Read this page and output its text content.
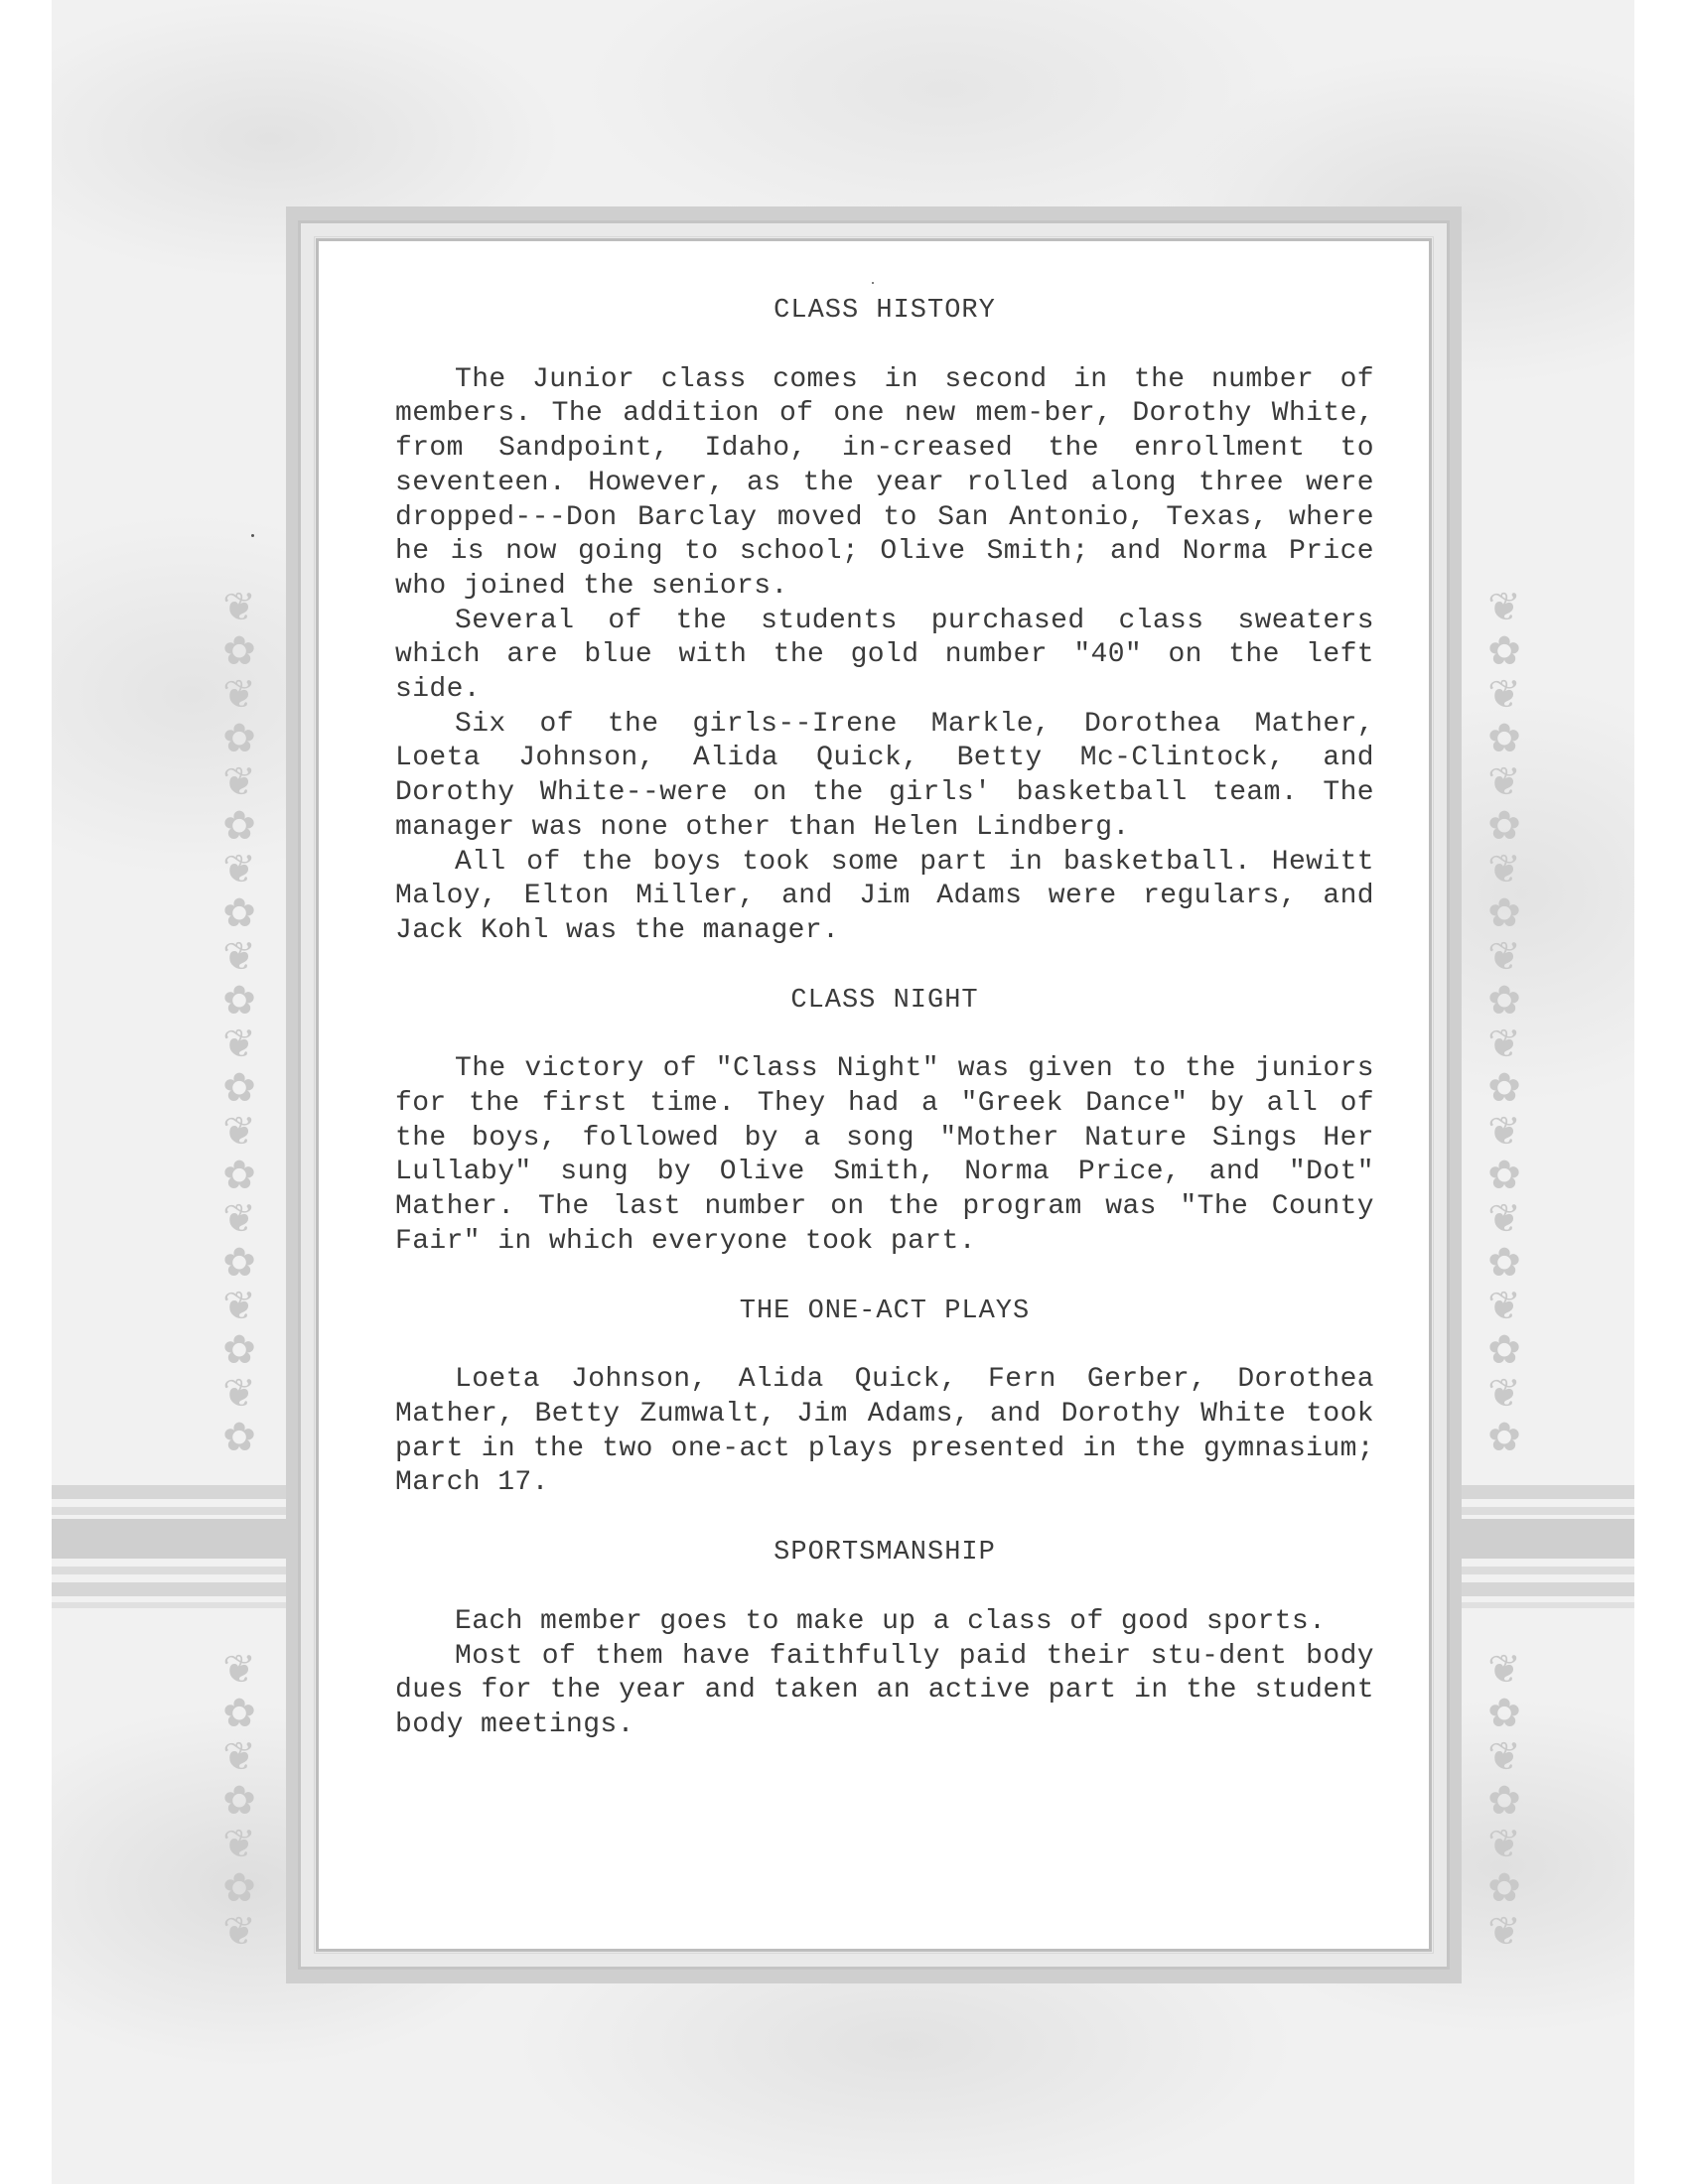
❦
✿
❦
✿
❦
✿
❦
✿
❦
✿
❦
✿
❦
✿
❦
✿
❦
✿
❦
✿
❦
✿
❦
✿
❦
✿
❦
❦
✿
❦
✿
❦
✿
❦
✿
❦
✿
❦
✿
❦
✿
❦
✿
❦
✿
❦
✿
❦
✿
❦
✿
❦
✿
❦
CLASS HISTORY

The Junior class comes in second in the number of members. The addition of one new mem-ber, Dorothy White, from Sandpoint, Idaho, in-creased the enrollment to seventeen. However, as the year rolled along three were dropped---Don Barclay moved to San Antonio, Texas, where he is now going to school; Olive Smith; and Norma Price who joined the seniors.

Several of the students purchased class sweaters which are blue with the gold number "40" on the left side.

Six of the girls--Irene Markle, Dorothea Mather, Loeta Johnson, Alida Quick, Betty Mc-Clintock, and Dorothy White--were on the girls' basketball team. The manager was none other than Helen Lindberg.

All of the boys took some part in basketball. Hewitt Maloy, Elton Miller, and Jim Adams were regulars, and Jack Kohl was the manager.

CLASS NIGHT

The victory of "Class Night" was given to the juniors for the first time. They had a "Greek Dance" by all of the boys, followed by a song "Mother Nature Sings Her Lullaby" sung by Olive Smith, Norma Price, and "Dot" Mather. The last number on the program was "The County Fair" in which everyone took part.

THE ONE-ACT PLAYS

Loeta Johnson, Alida Quick, Fern Gerber, Dorothea Mather, Betty Zumwalt, Jim Adams, and Dorothy White took part in the two one-act plays presented in the gymnasium; March 17.

SPORTSMANSHIP

Each member goes to make up a class of good sports.

Most of them have faithfully paid their stu-dent body dues for the year and taken an active part in the student body meetings.
